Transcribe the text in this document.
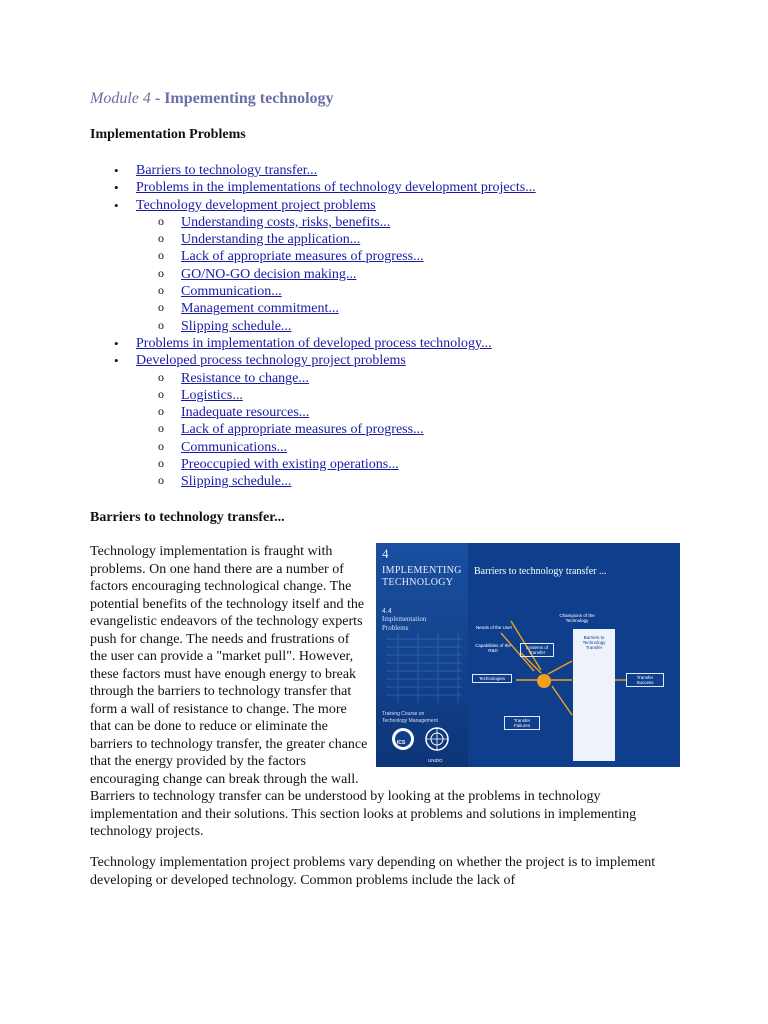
Module 4 - Impementing technology
Implementation Problems
• Barriers to technology transfer...
• Problems in the implementations of technology development projects...
• Technology development project problems
o Understanding costs, risks, benefits...
o Understanding the application...
o Lack of appropriate measures of progress...
o GO/NO-GO decision making...
o Communication...
o Management commitment...
o Slipping schedule...
• Problems in implementation of developed process technology...
• Developed process technology project problems
o Resistance to change...
o Logistics...
o Inadequate resources...
o Lack of appropriate measures of progress...
o Communications...
o Preoccupied with existing operations...
o Slipping schedule...
Barriers to technology transfer...
4
IMPLEMENTING
TECHNOLOGY
4.4
Implementation
Problems
Training Course on
Technology Management
ICS
UNIDO
Barriers to technology transfer ...
Champions of the Technology
Needs of the User
Capabilities of the R&D
Systems of Transfer
Technologies
Barriers to Technology Transfer
Transfer Success
Transfer Failures
Technology implementation is fraught with problems. On one hand there are a number of factors encouraging technological change. The potential benefits of the technology itself and the evangelistic endeavors of the technology experts push for change. The needs and frustrations of the user can provide a "market pull". However, these factors must have enough energy to break through the barriers to technology transfer that form a wall of resistance to change. The more that can be done to reduce or eliminate the barriers to technology transfer, the greater chance that the energy provided by the factors encouraging change can break through the wall. Barriers to technology transfer can be understood by looking at the problems in technology implementation and their solutions. This section looks at problems and solutions in implementing technology projects.

Technology implementation project problems vary depending on whether the project is to implement developing or developed technology. Common problems include the lack of
